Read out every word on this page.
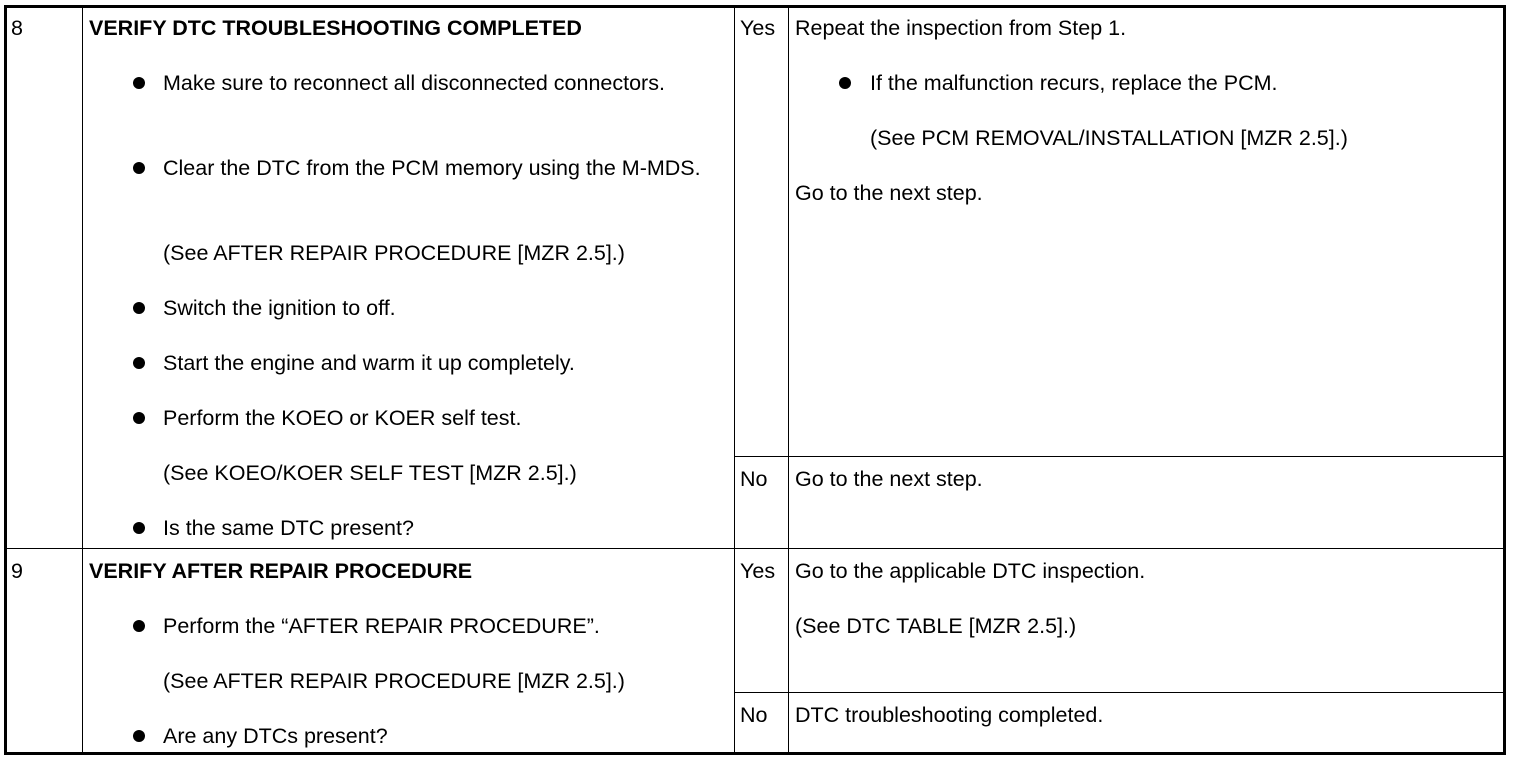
8	VERIFY DTC TROUBLESHOOTING COMPLETED
Make sure to reconnect all disconnected connectors.
Clear the DTC from the PCM memory using the M-MDS.
(See AFTER REPAIR PROCEDURE [MZR 2.5].)
Switch the ignition to off.
Start the engine and warm it up completely.
Perform the KOEO or KOER self test.
(See KOEO/KOER SELF TEST [MZR 2.5].)
Is the same DTC present?
Yes Repeat the inspection from Step 1.
If the malfunction recurs, replace the PCM.
(See PCM REMOVAL/INSTALLATION [MZR 2.5].)
Go to the next step.
No Go to the next step.
9	VERIFY AFTER REPAIR PROCEDURE
Perform the “AFTER REPAIR PROCEDURE”.
(See AFTER REPAIR PROCEDURE [MZR 2.5].)
Are any DTCs present?
Yes Go to the applicable DTC inspection.
(See DTC TABLE [MZR 2.5].)
No DTC troubleshooting completed.
